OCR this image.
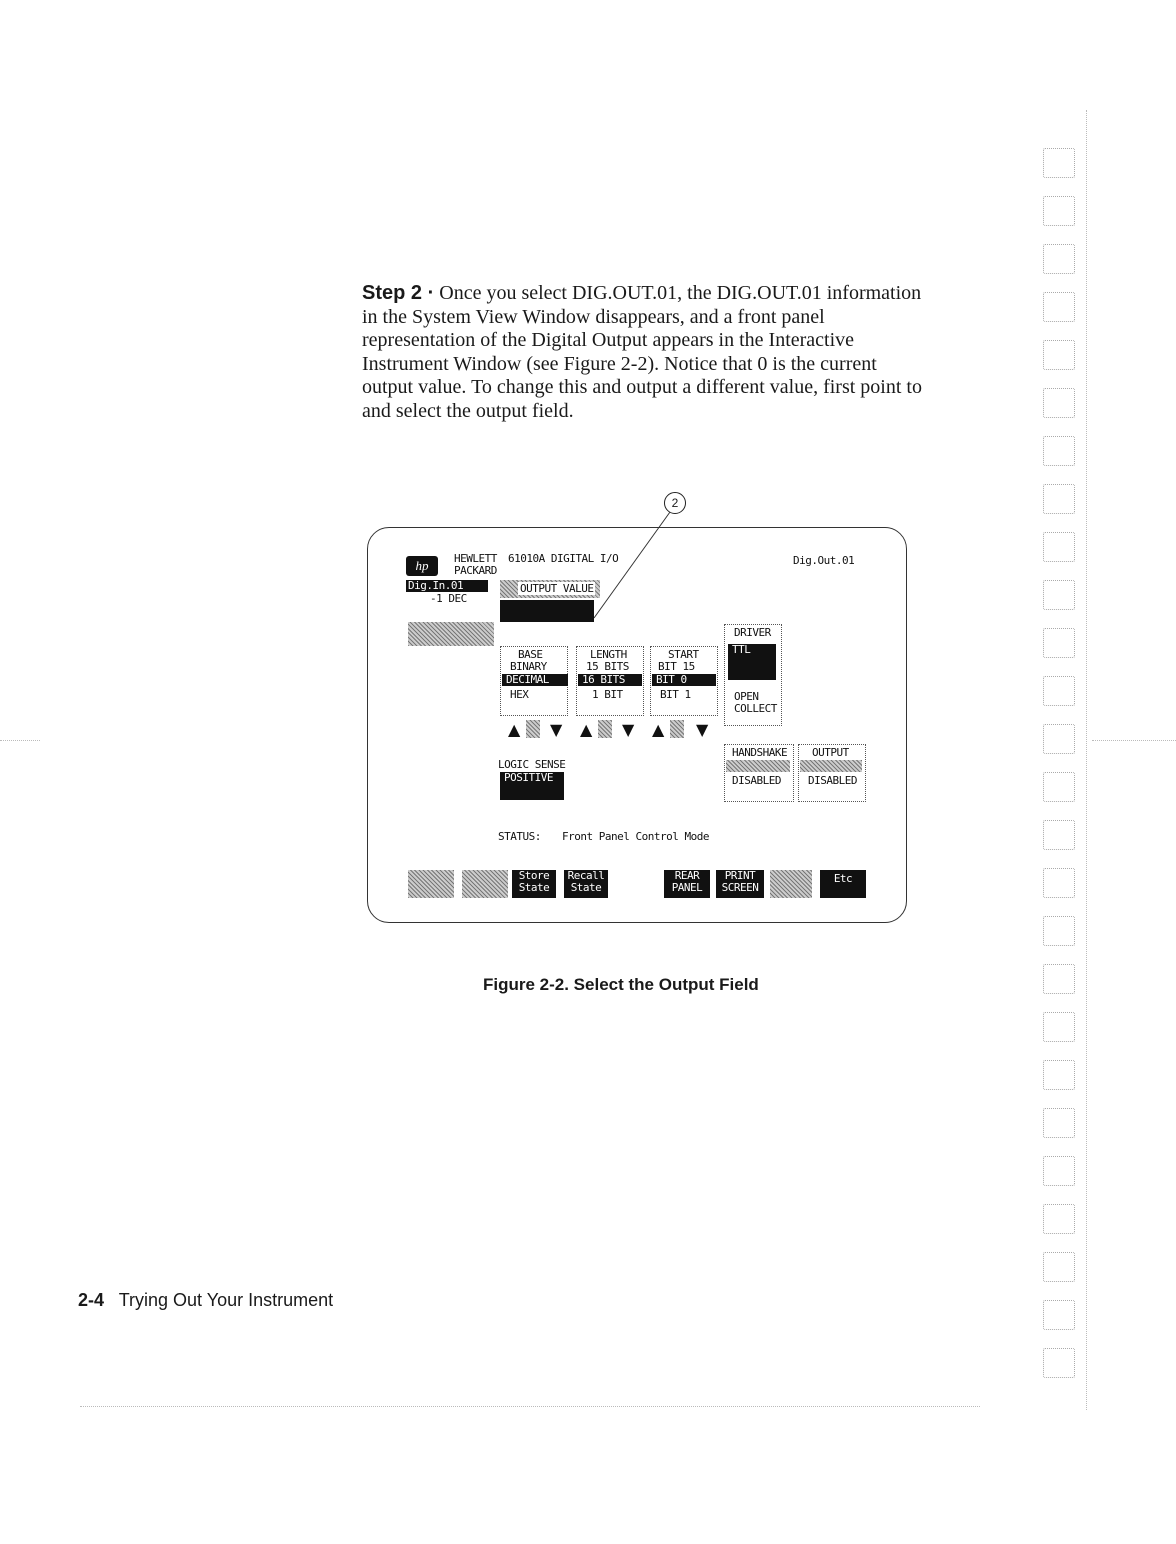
Step 2 · Once you select DIG.OUT.01, the DIG.OUT.01 information in the System View Window disappears, and a front panel representation of the Digital Output appears in the Interactive Instrument Window (see Figure 2-2). Notice that 0 is the current output value. To change this and output a different value, first point to and select the output field.
2
hp	HEWLETT
PACKARD
61010A DIGITAL I/O	Dig.Out.01
Dig.In.01
-1 DEC
OUTPUT VALUE
BASE
BINARY
DECIMAL
HEX
LENGTH
15 BITS
16 BITS
1 BIT
START
BIT 15
BIT 0
BIT 1
▲ ▼ ▲ ▼ ▲ ▼
DRIVER
TTL
OPEN
COLLECT
LOGIC SENSE
POSITIVE
HANDSHAKE
DISABLED
OUTPUT
DISABLED
STATUS: Front Panel Control Mode
Store
State
Recall
State
REAR
PANEL
PRINT
SCREEN
Etc
Figure 2-2. Select the Output Field
2-4 Trying Out Your Instrument
